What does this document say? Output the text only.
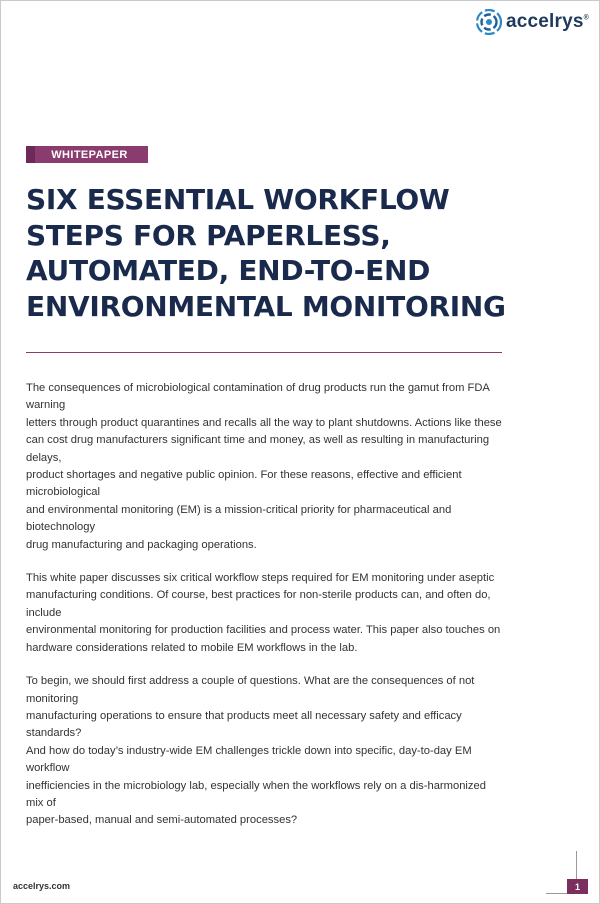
accelrys®
WHITEPAPER
SIX ESSENTIAL WORKFLOW
STEPS FOR PAPERLESS,
AUTOMATED, END-TO-END
ENVIRONMENTAL MONITORING

The consequences of microbiological contamination of drug products run the gamut from FDA warning
letters through product quarantines and recalls all the way to plant shutdowns. Actions like these
can cost drug manufacturers significant time and money, as well as resulting in manufacturing delays,
product shortages and negative public opinion. For these reasons, effective and efficient microbiological
and environmental monitoring (EM) is a mission-critical priority for pharmaceutical and biotechnology
drug manufacturing and packaging operations.

This white paper discusses six critical workflow steps required for EM monitoring under aseptic
manufacturing conditions. Of course, best practices for non-sterile products can, and often do, include
environmental monitoring for production facilities and process water. This paper also touches on
hardware considerations related to mobile EM workflows in the lab.

To begin, we should first address a couple of questions. What are the consequences of not monitoring
manufacturing operations to ensure that products meet all necessary safety and efficacy standards?
And how do today’s industry-wide EM challenges trickle down into specific, day-to-day EM workflow
inefficiencies in the microbiology lab, especially when the workflows rely on a dis-harmonized mix of
paper-based, manual and semi-automated processes?

accelrys.com	1
